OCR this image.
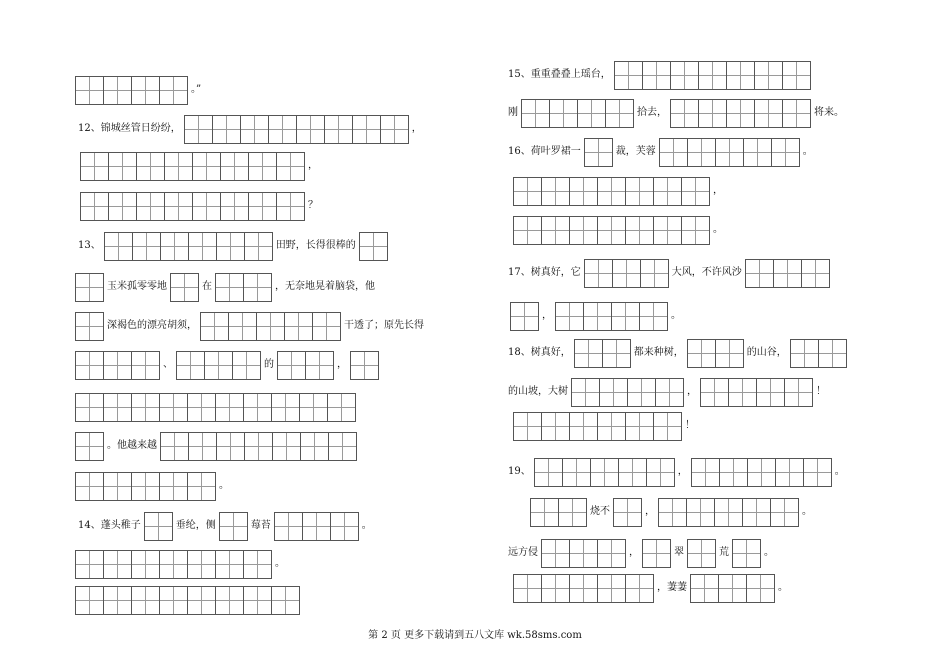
。”
12、锦城丝管日纷纷，	，
，
？
13、	田野，长得很棒的
玉米孤零零地	在	，无奈地晃着脑袋，他
深褐色的漂亮胡须，	干透了；原先长得
、	的	，
。他越来越
。
14、蓬头稚子	垂纶，侧	莓苔	。
。
15、重重叠叠上瑶台，
刚	拾去，	将来。
16、荷叶罗裙一	裁，芙蓉	。
，
。
17、树真好，它	大风，不许风沙
，	。
18、树真好，	都来种树，	的山谷，
的山坡，大树	，	！
！
19、	，	。
烧不	，	。
远方侵	，	翠	荒	。
，萋萋	。
第 2 页 更多下载请到五八文库 wk.58sms.com
